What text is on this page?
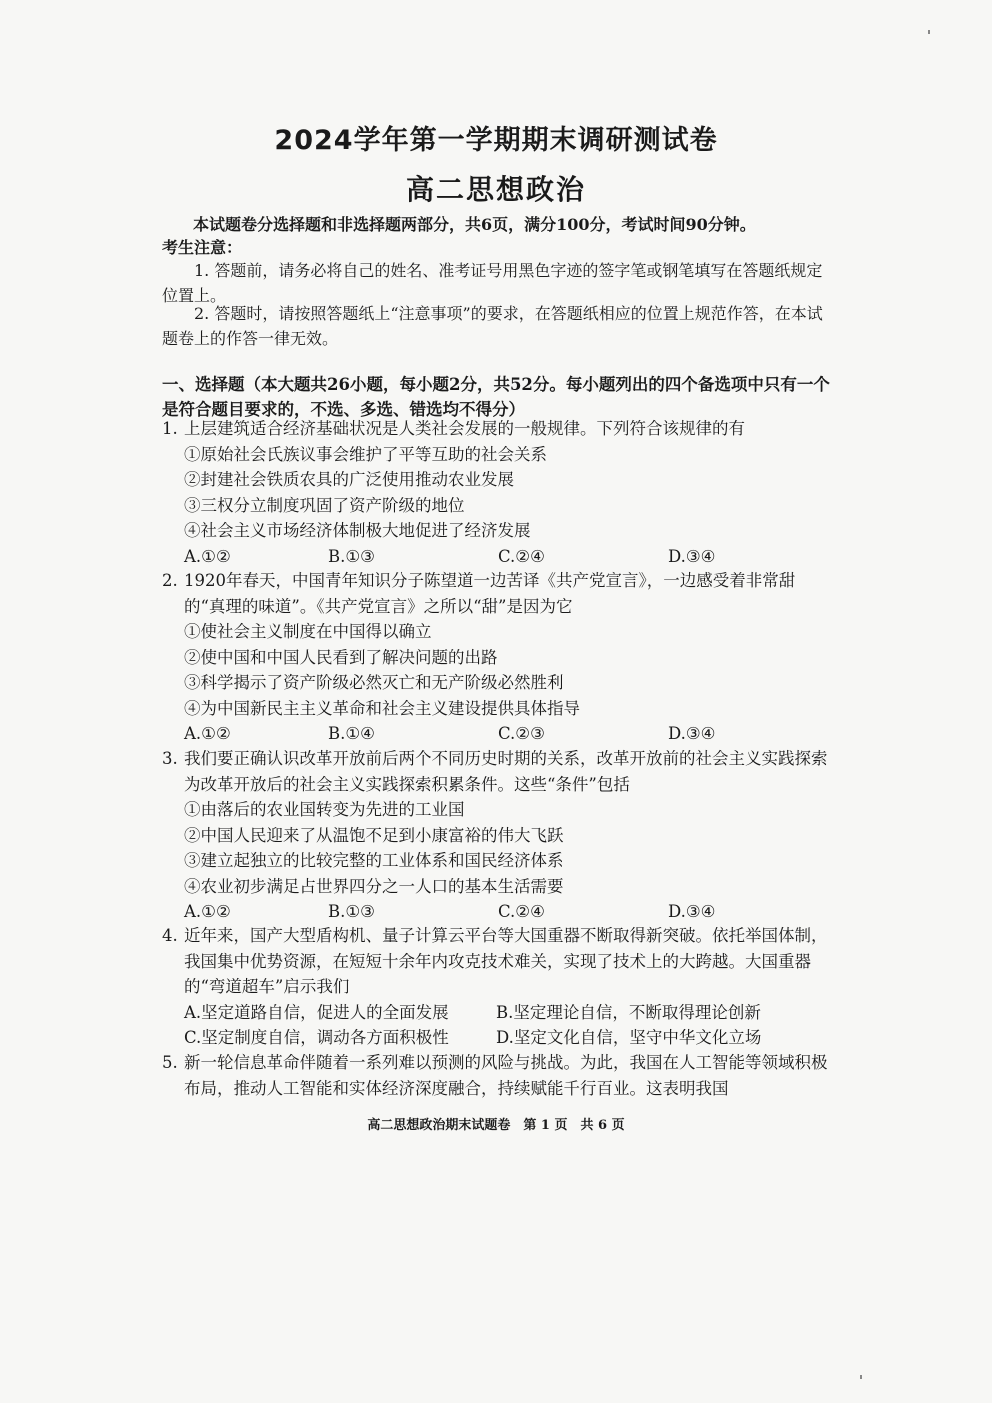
2024学年第一学期期末调研测试卷
高二思想政治
本试题卷分选择题和非选择题两部分，共6页，满分100分，考试时间90分钟。
考生注意：
1. 答题前，请务必将自己的姓名、准考证号用黑色字迹的签字笔或钢笔填写在答题纸规定位置上。
2. 答题时，请按照答题纸上“注意事项”的要求，在答题纸相应的位置上规范作答，在本试题卷上的作答一律无效。
一、选择题（本大题共26小题，每小题2分，共52分。每小题列出的四个备选项中只有一个是符合题目要求的，不选、多选、错选均不得分）
1. 上层建筑适合经济基础状况是人类社会发展的一般规律。下列符合该规律的有
①原始社会氏族议事会维护了平等互助的社会关系
②封建社会铁质农具的广泛使用推动农业发展
③三权分立制度巩固了资产阶级的地位
④社会主义市场经济体制极大地促进了经济发展
A.①②	B.①③	C.②④	D.③④
2. 1920年春天，中国青年知识分子陈望道一边苦译《共产党宣言》，一边感受着非常甜的“真理的味道”。《共产党宣言》之所以“甜”是因为它
①使社会主义制度在中国得以确立
②使中国和中国人民看到了解决问题的出路
③科学揭示了资产阶级必然灭亡和无产阶级必然胜利
④为中国新民主主义革命和社会主义建设提供具体指导
A.①②	B.①④	C.②③	D.③④
3. 我们要正确认识改革开放前后两个不同历史时期的关系，改革开放前的社会主义实践探索为改革开放后的社会主义实践探索积累条件。这些“条件”包括
①由落后的农业国转变为先进的工业国
②中国人民迎来了从温饱不足到小康富裕的伟大飞跃
③建立起独立的比较完整的工业体系和国民经济体系
④农业初步满足占世界四分之一人口的基本生活需要
A.①②	B.①③	C.②④	D.③④
4. 近年来，国产大型盾构机、量子计算云平台等大国重器不断取得新突破。依托举国体制，我国集中优势资源，在短短十余年内攻克技术难关，实现了技术上的大跨越。大国重器的“弯道超车”启示我们
A.坚定道路自信，促进人的全面发展	B.坚定理论自信，不断取得理论创新
C.坚定制度自信，调动各方面积极性	D.坚定文化自信，坚守中华文化立场
5. 新一轮信息革命伴随着一系列难以预测的风险与挑战。为此，我国在人工智能等领域积极布局，推动人工智能和实体经济深度融合，持续赋能千行百业。这表明我国
高二思想政治期末试题卷　第 1 页　共 6 页
